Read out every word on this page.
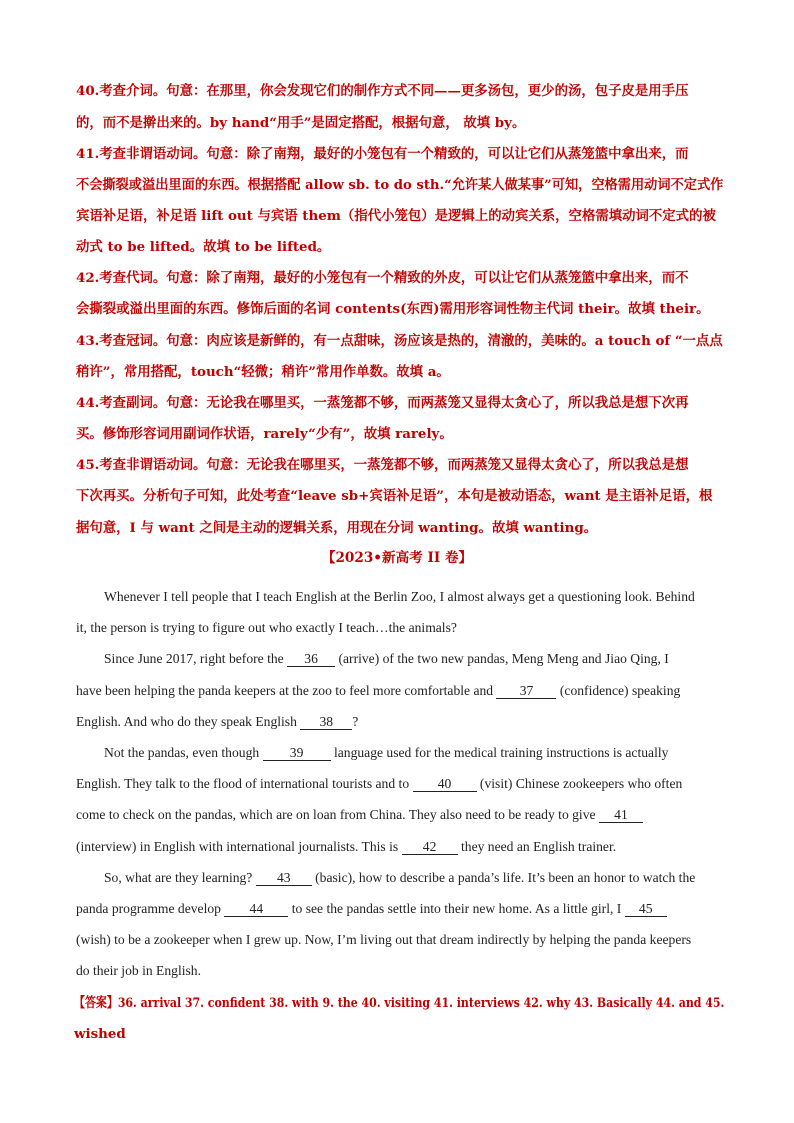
40.考查介词。句意：在那里，你会发现它们的制作方式不同——更多汤包，更少的汤，包子皮是用手压
的，而不是擀出来的。by hand“用手”是固定搭配，根据句意， 故填 by。
41.考查非谓语动词。句意：除了南翔，最好的小笼包有一个精致的，可以让它们从蒸笼篮中拿出来，而
不会撕裂或溢出里面的东西。根据搭配 allow sb. to do sth.“允许某人做某事”可知，空格需用动词不定式作
宾语补足语，补足语 lift out 与宾语 them（指代小笼包）是逻辑上的动宾关系，空格需填动词不定式的被
动式 to be lifted。故填 to be lifted。
42.考查代词。句意：除了南翔，最好的小笼包有一个精致的外皮，可以让它们从蒸笼篮中拿出来，而不
会撕裂或溢出里面的东西。修饰后面的名词 contents(东西)需用形容词性物主代词 their。故填 their。
43.考查冠词。句意：肉应该是新鲜的，有一点甜味，汤应该是热的，清澈的，美味的。a touch of “一点点
稍许”，常用搭配，touch“轻微；稍许”常用作单数。故填 a。
44.考查副词。句意：无论我在哪里买，一蒸笼都不够，而两蒸笼又显得太贪心了，所以我总是想下次再
买。修饰形容词用副词作状语，rarely“少有”，故填 rarely。
45.考查非谓语动词。句意：无论我在哪里买，一蒸笼都不够，而两蒸笼又显得太贪心了，所以我总是想
下次再买。分析句子可知，此处考查“leave sb+宾语补足语”，本句是被动语态，want 是主语补足语，根
据句意，I 与 want 之间是主动的逻辑关系，用现在分词 wanting。故填 wanting。
【2023•新高考 II 卷】
Whenever I tell people that I teach English at the Berlin Zoo, I almost always get a questioning look. Behind
it, the person is trying to figure out who exactly I teach…the animals?
Since June 2017, right before the 36 (arrive) of the two new pandas, Meng Meng and Jiao Qing, I
have been helping the panda keepers at the zoo to feel more comfortable and 37 (confidence) speaking
English. And who do they speak English 38 ?
Not the pandas, even though 39 language used for the medical training instructions is actually
English. They talk to the flood of international tourists and to 40 (visit) Chinese zookeepers who often
come to check on the pandas, which are on loan from China. They also need to be ready to give 41
(interview) in English with international journalists. This is 42 they need an English trainer.
So, what are they learning? 43 (basic), how to describe a panda’s life. It’s been an honor to watch the
panda programme develop 44 to see the pandas settle into their new home. As a little girl, I 45
(wish) to be a zookeeper when I grew up. Now, I’m living out that dream indirectly by helping the panda keepers
do their job in English.
【答案】36. arrival 37. confident 38. with 9. the 40. visiting 41. interviews 42. why 43. Basically 44. and 45.
wished
